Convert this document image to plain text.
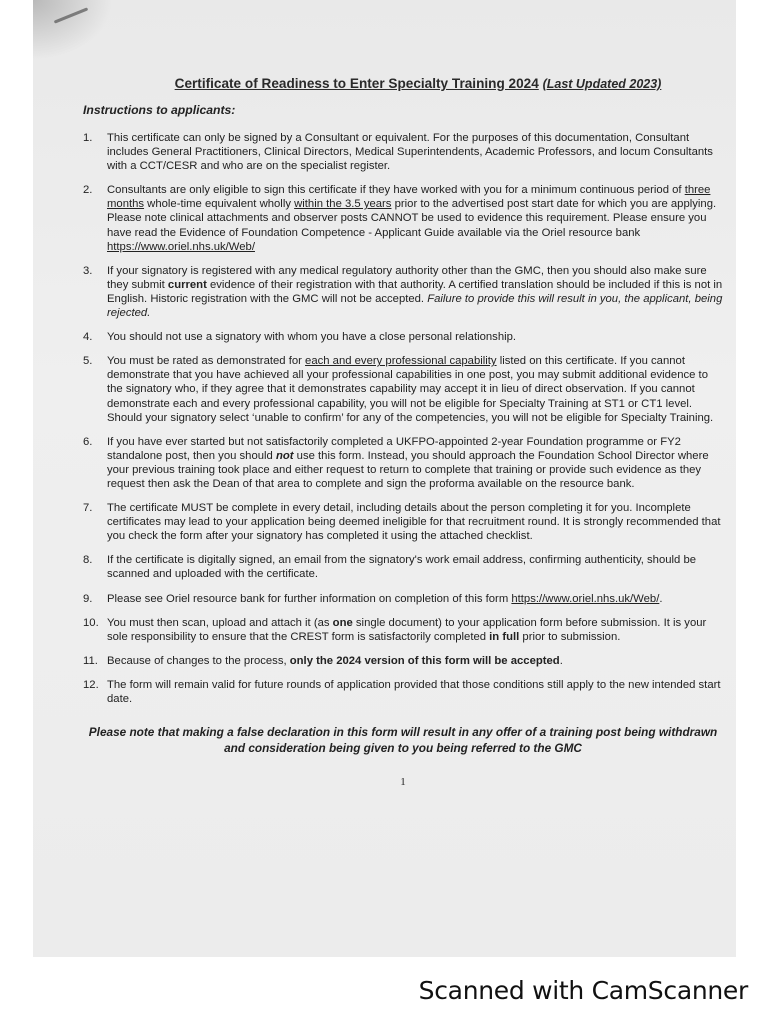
Certificate of Readiness to Enter Specialty Training 2024 (Last Updated 2023)
Instructions to applicants:
1.	This certificate can only be signed by a Consultant or equivalent. For the purposes of this documentation, Consultant includes General Practitioners, Clinical Directors, Medical Superintendents, Academic Professors, and locum Consultants with a CCT/CESR and who are on the specialist register.
2.	Consultants are only eligible to sign this certificate if they have worked with you for a minimum continuous period of three months whole-time equivalent wholly within the 3.5 years prior to the advertised post start date for which you are applying. Please note clinical attachments and observer posts CANNOT be used to evidence this requirement. Please ensure you have read the Evidence of Foundation Competence - Applicant Guide available via the Oriel resource bank https://www.oriel.nhs.uk/Web/
3.	If your signatory is registered with any medical regulatory authority other than the GMC, then you should also make sure they submit current evidence of their registration with that authority. A certified translation should be included if this is not in English. Historic registration with the GMC will not be accepted. Failure to provide this will result in you, the applicant, being rejected.
4.	You should not use a signatory with whom you have a close personal relationship.
5.	You must be rated as demonstrated for each and every professional capability listed on this certificate. If you cannot demonstrate that you have achieved all your professional capabilities in one post, you may submit additional evidence to the signatory who, if they agree that it demonstrates capability may accept it in lieu of direct observation. If you cannot demonstrate each and every professional capability, you will not be eligible for Specialty Training at ST1 or CT1 level. Should your signatory select ‘unable to confirm’ for any of the competencies, you will not be eligible for Specialty Training.
6.	If you have ever started but not satisfactorily completed a UKFPO-appointed 2-year Foundation programme or FY2 standalone post, then you should not use this form. Instead, you should approach the Foundation School Director where your previous training took place and either request to return to complete that training or provide such evidence as they request then ask the Dean of that area to complete and sign the proforma available on the resource bank.
7.	The certificate MUST be complete in every detail, including details about the person completing it for you. Incomplete certificates may lead to your application being deemed ineligible for that recruitment round. It is strongly recommended that you check the form after your signatory has completed it using the attached checklist.
8.	If the certificate is digitally signed, an email from the signatory's work email address, confirming authenticity, should be scanned and uploaded with the certificate.
9.	Please see Oriel resource bank for further information on completion of this form https://www.oriel.nhs.uk/Web/.
10. You must then scan, upload and attach it (as one single document) to your application form before submission. It is your sole responsibility to ensure that the CREST form is satisfactorily completed in full prior to submission.
11. Because of changes to the process, only the 2024 version of this form will be accepted.
12. The form will remain valid for future rounds of application provided that those conditions still apply to the new intended start date.
Please note that making a false declaration in this form will result in any offer of a training post being withdrawn and consideration being given to you being referred to the GMC
1
Scanned with CamScanner
